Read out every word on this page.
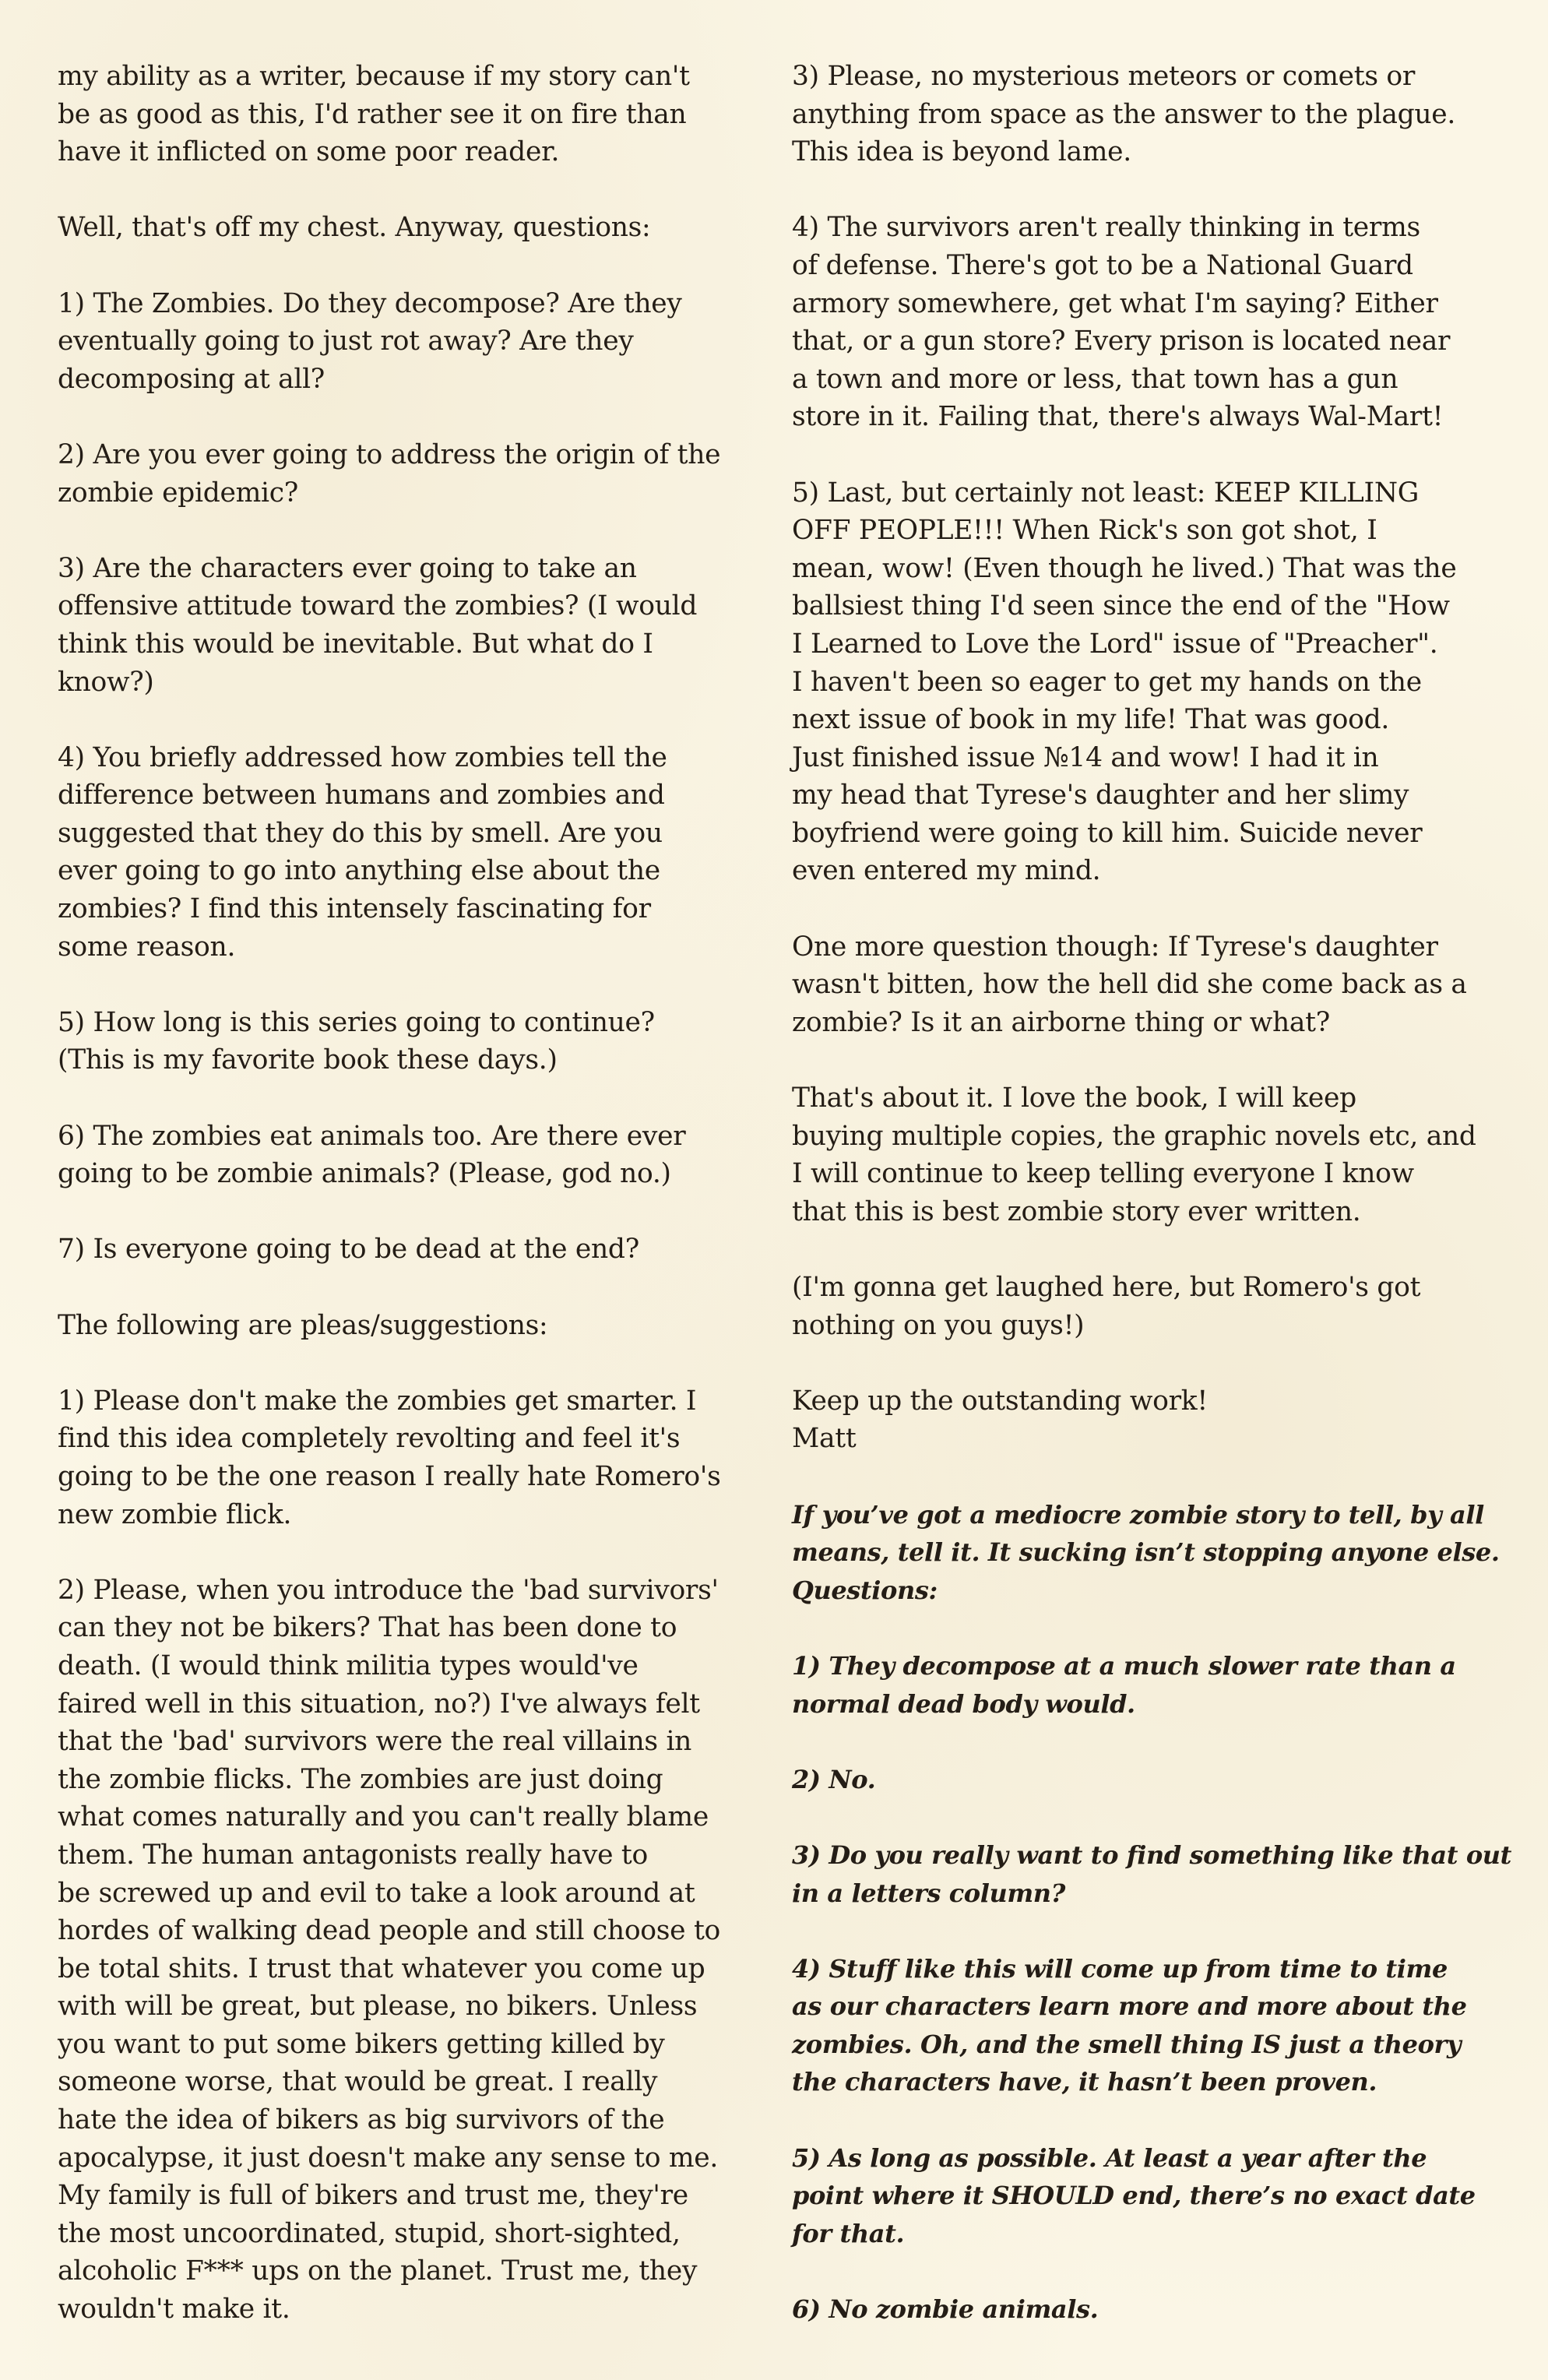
my ability as a writer, because if my story can't
be as good as this, I'd rather see it on fire than
have it inflicted on some poor reader.

Well, that's off my chest. Anyway, questions:

1) The Zombies. Do they decompose? Are they
eventually going to just rot away? Are they
decomposing at all?

2) Are you ever going to address the origin of the
zombie epidemic?

3) Are the characters ever going to take an
offensive attitude toward the zombies? (I would
think this would be inevitable. But what do I
know?)

4) You briefly addressed how zombies tell the
difference between humans and zombies and
suggested that they do this by smell. Are you
ever going to go into anything else about the
zombies? I find this intensely fascinating for
some reason.

5) How long is this series going to continue?
(This is my favorite book these days.)

6) The zombies eat animals too. Are there ever
going to be zombie animals? (Please, god no.)

7) Is everyone going to be dead at the end?

The following are pleas/suggestions:

1) Please don't make the zombies get smarter. I
find this idea completely revolting and feel it's
going to be the one reason I really hate Romero's
new zombie flick.

2) Please, when you introduce the 'bad survivors'
can they not be bikers? That has been done to
death. (I would think militia types would've
faired well in this situation, no?) I've always felt
that the 'bad' survivors were the real villains in
the zombie flicks. The zombies are just doing
what comes naturally and you can't really blame
them. The human antagonists really have to
be screwed up and evil to take a look around at
hordes of walking dead people and still choose to
be total shits. I trust that whatever you come up
with will be great, but please, no bikers. Unless
you want to put some bikers getting killed by
someone worse, that would be great. I really
hate the idea of bikers as big survivors of the
apocalypse, it just doesn't make any sense to me.
My family is full of bikers and trust me, they're
the most uncoordinated, stupid, short-sighted,
alcoholic F*** ups on the planet. Trust me, they
wouldn't make it.

3) Please, no mysterious meteors or comets or
anything from space as the answer to the plague.
This idea is beyond lame.

4) The survivors aren't really thinking in terms
of defense. There's got to be a National Guard
armory somewhere, get what I'm saying? Either
that, or a gun store? Every prison is located near
a town and more or less, that town has a gun
store in it. Failing that, there's always Wal-Mart!

5) Last, but certainly not least: KEEP KILLING
OFF PEOPLE!!! When Rick's son got shot, I
mean, wow! (Even though he lived.) That was the
ballsiest thing I'd seen since the end of the "How
I Learned to Love the Lord" issue of "Preacher".
I haven't been so eager to get my hands on the
next issue of book in my life! That was good.
Just finished issue №14 and wow! I had it in
my head that Tyrese's daughter and her slimy
boyfriend were going to kill him. Suicide never
even entered my mind.

One more question though: If Tyrese's daughter
wasn't bitten, how the hell did she come back as a
zombie? Is it an airborne thing or what?

That's about it. I love the book, I will keep
buying multiple copies, the graphic novels etc, and
I will continue to keep telling everyone I know
that this is best zombie story ever written.

(I'm gonna get laughed here, but Romero's got
nothing on you guys!)

Keep up the outstanding work!
Matt

If you’ve got a mediocre zombie story to tell, by all
means, tell it. It sucking isn’t stopping anyone else.
Questions:

1) They decompose at a much slower rate than a
normal dead body would.

2) No.

3) Do you really want to find something like that out
in a letters column?

4) Stuff like this will come up from time to time
as our characters learn more and more about the
zombies. Oh, and the smell thing IS just a theory
the characters have, it hasn’t been proven.

5) As long as possible. At least a year after the
point where it SHOULD end, there’s no exact date
for that.

6) No zombie animals.
